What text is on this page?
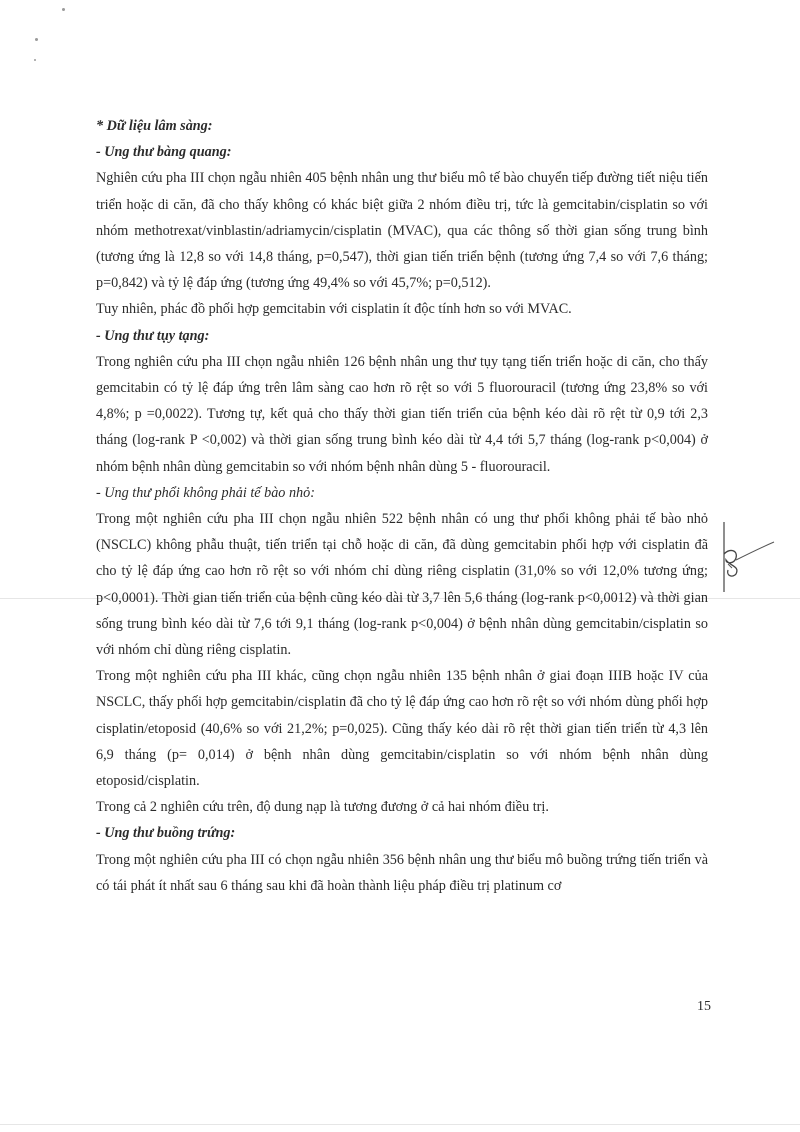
* Dữ liệu lâm sàng:

- Ung thư bàng quang:

Nghiên cứu pha III chọn ngẫu nhiên 405 bệnh nhân ung thư biểu mô tế bào chuyển tiếp đường tiết niệu tiến triển hoặc di căn, đã cho thấy không có khác biệt giữa 2 nhóm điều trị, tức là gemcitabin/cisplatin so với nhóm methotrexat/vinblastin/adriamycin/cisplatin (MVAC), qua các thông số thời gian sống trung bình (tương ứng là 12,8 so với 14,8 tháng, p=0,547), thời gian tiến triển bệnh (tương ứng 7,4 so với 7,6 tháng; p=0,842) và tỷ lệ đáp ứng (tương ứng 49,4% so với 45,7%; p=0,512).

Tuy nhiên, phác đồ phối hợp gemcitabin với cisplatin ít độc tính hơn so với MVAC.

- Ung thư tụy tạng:

Trong nghiên cứu pha III chọn ngẫu nhiên 126 bệnh nhân ung thư tụy tạng tiến triển hoặc di căn, cho thấy gemcitabin có tỷ lệ đáp ứng trên lâm sàng cao hơn rõ rệt so với 5 fluorouracil (tương ứng 23,8% so với 4,8%; p =0,0022). Tương tự, kết quả cho thấy thời gian tiến triển của bệnh kéo dài rõ rệt từ 0,9 tới 2,3 tháng (log-rank P <0,002) và thời gian sống trung bình kéo dài từ 4,4 tới 5,7 tháng (log-rank p<0,004) ở nhóm bệnh nhân dùng gemcitabin so với nhóm bệnh nhân dùng 5 - fluorouracil.

- Ung thư phổi không phải tế bào nhỏ:

Trong một nghiên cứu pha III chọn ngẫu nhiên 522 bệnh nhân có ung thư phổi không phải tế bào nhỏ (NSCLC) không phẫu thuật, tiến triển tại chỗ hoặc di căn, đã dùng gemcitabin phối hợp với cisplatin đã cho tỷ lệ đáp ứng cao hơn rõ rệt so với nhóm chỉ dùng riêng cisplatin (31,0% so với 12,0% tương ứng; p<0,0001). Thời gian tiến triển của bệnh cũng kéo dài từ 3,7 lên 5,6 tháng (log-rank p<0,0012) và thời gian sống trung bình kéo dài từ 7,6 tới 9,1 tháng (log-rank p<0,004) ở bệnh nhân dùng gemcitabin/cisplatin so với nhóm chỉ dùng riêng cisplatin.

Trong một nghiên cứu pha III khác, cũng chọn ngẫu nhiên 135 bệnh nhân ở giai đoạn IIIB hoặc IV của NSCLC, thấy phối hợp gemcitabin/cisplatin đã cho tỷ lệ đáp ứng cao hơn rõ rệt so với nhóm dùng phối hợp cisplatin/etoposid (40,6% so với 21,2%; p=0,025). Cũng thấy kéo dài rõ rệt thời gian tiến triển từ 4,3 lên 6,9 tháng (p= 0,014) ở bệnh nhân dùng gemcitabin/cisplatin so với nhóm bệnh nhân dùng etoposid/cisplatin.

Trong cả 2 nghiên cứu trên, độ dung nạp là tương đương ở cả hai nhóm điều trị.

- Ung thư buồng trứng:

Trong một nghiên cứu pha III có chọn ngẫu nhiên 356 bệnh nhân ung thư biểu mô buồng trứng tiến triển và có tái phát ít nhất sau 6 tháng sau khi đã hoàn thành liệu pháp điều trị platinum cơ

15
